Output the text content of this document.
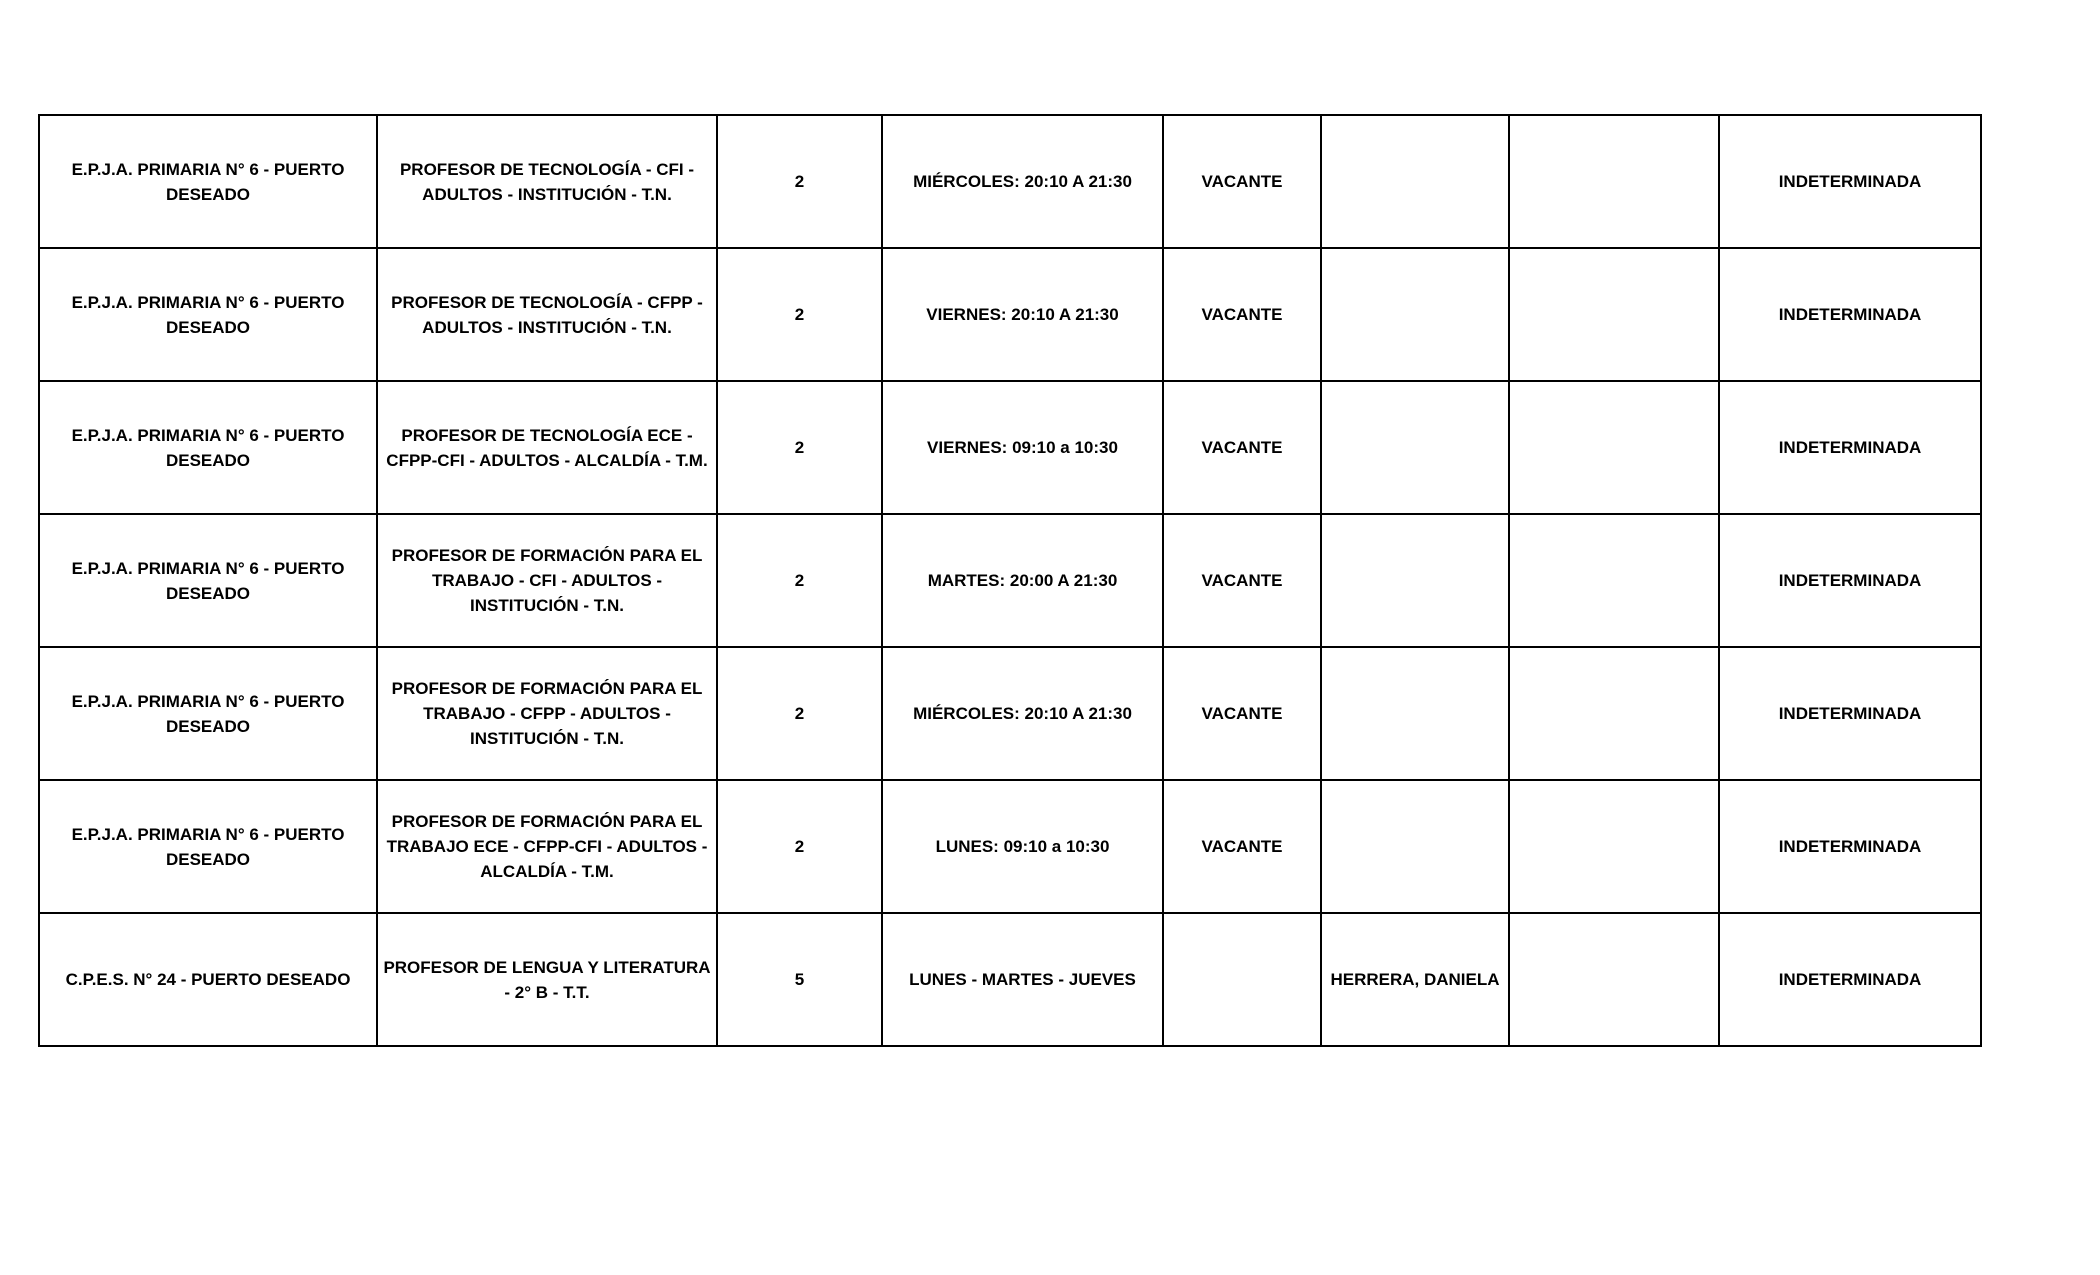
E.P.J.A. PRIMARIA N° 6 - PUERTO DESEADO	PROFESOR DE TECNOLOGÍA - CFI - ADULTOS - INSTITUCIÓN - T.N.	2	MIÉRCOLES: 20:10 A 21:30	VACANTE			INDETERMINADA
E.P.J.A. PRIMARIA N° 6 - PUERTO DESEADO	PROFESOR DE TECNOLOGÍA - CFPP - ADULTOS - INSTITUCIÓN - T.N.	2	VIERNES: 20:10 A 21:30	VACANTE			INDETERMINADA
E.P.J.A. PRIMARIA N° 6 - PUERTO DESEADO	PROFESOR DE TECNOLOGÍA ECE - CFPP-CFI - ADULTOS - ALCALDÍA - T.M.	2	VIERNES: 09:10 a 10:30	VACANTE			INDETERMINADA
E.P.J.A. PRIMARIA N° 6 - PUERTO DESEADO	PROFESOR DE FORMACIÓN PARA EL TRABAJO - CFI - ADULTOS - INSTITUCIÓN - T.N.	2	MARTES: 20:00 A 21:30	VACANTE			INDETERMINADA
E.P.J.A. PRIMARIA N° 6 - PUERTO DESEADO	PROFESOR DE FORMACIÓN PARA EL TRABAJO - CFPP - ADULTOS - INSTITUCIÓN - T.N.	2	MIÉRCOLES: 20:10 A 21:30	VACANTE			INDETERMINADA
E.P.J.A. PRIMARIA N° 6 - PUERTO DESEADO	PROFESOR DE FORMACIÓN PARA EL TRABAJO ECE - CFPP-CFI - ADULTOS - ALCALDÍA - T.M.	2	LUNES: 09:10 a 10:30	VACANTE			INDETERMINADA
C.P.E.S. N° 24 - PUERTO DESEADO	PROFESOR DE LENGUA Y LITERATURA - 2° B - T.T.	5	LUNES - MARTES - JUEVES		HERRERA, DANIELA		INDETERMINADA
